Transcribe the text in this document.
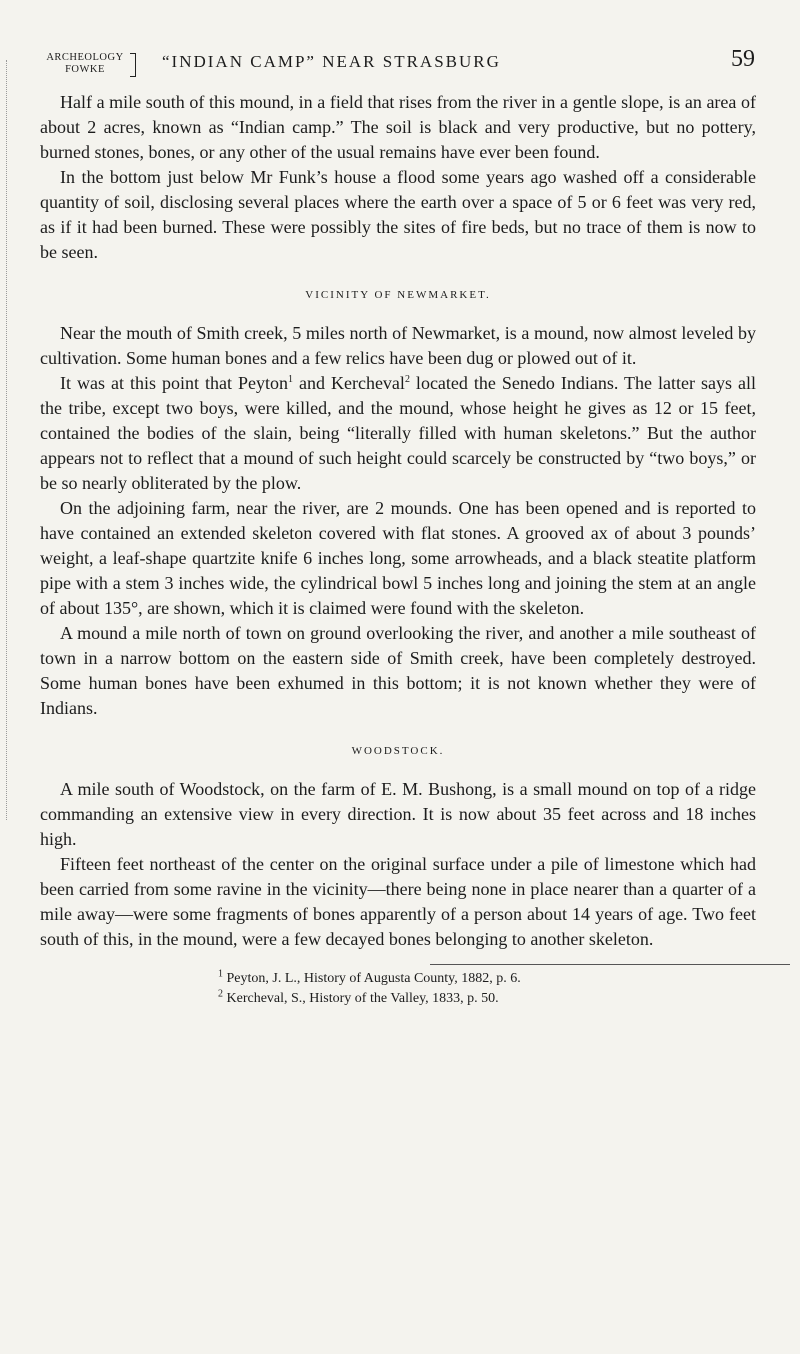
ARCHEOLOGY
FOWKE	“INDIAN CAMP” NEAR STRASBURG	59

Half a mile south of this mound, in a field that rises from the river in a gentle slope, is an area of about 2 acres, known as “Indian camp.” The soil is black and very productive, but no pottery, burned stones, bones, or any other of the usual remains have ever been found.

In the bottom just below Mr Funk’s house a flood some years ago washed off a considerable quantity of soil, disclosing several places where the earth over a space of 5 or 6 feet was very red, as if it had been burned. These were possibly the sites of fire beds, but no trace of them is now to be seen.

VICINITY OF NEWMARKET.

Near the mouth of Smith creek, 5 miles north of Newmarket, is a mound, now almost leveled by cultivation. Some human bones and a few relics have been dug or plowed out of it.

It was at this point that Peyton$^1$ and Kercheval$^2$ located the Senedo Indians. The latter says all the tribe, except two boys, were killed, and the mound, whose height he gives as 12 or 15 feet, contained the bodies of the slain, being “literally filled with human skeletons.” But the author appears not to reflect that a mound of such height could scarcely be constructed by “two boys,” or be so nearly obliterated by the plow.

On the adjoining farm, near the river, are 2 mounds. One has been opened and is reported to have contained an extended skeleton covered with flat stones. A grooved ax of about 3 pounds’ weight, a leaf-shape quartzite knife 6 inches long, some arrowheads, and a black steatite platform pipe with a stem 3 inches wide, the cylindrical bowl 5 inches long and joining the stem at an angle of about 135°, are shown, which it is claimed were found with the skeleton.

A mound a mile north of town on ground overlooking the river, and another a mile southeast of town in a narrow bottom on the eastern side of Smith creek, have been completely destroyed. Some human bones have been exhumed in this bottom; it is not known whether they were of Indians.

WOODSTOCK.

A mile south of Woodstock, on the farm of E. M. Bushong, is a small mound on top of a ridge commanding an extensive view in every direction. It is now about 35 feet across and 18 inches high.

Fifteen feet northeast of the center on the original surface under a pile of limestone which had been carried from some ravine in the vicinity—there being none in place nearer than a quarter of a mile away—were some fragments of bones apparently of a person about 14 years of age. Two feet south of this, in the mound, were a few decayed bones belonging to another skeleton.

$^1$ Peyton, J. L., History of Augusta County, 1882, p. 6.
$^2$ Kercheval, S., History of the Valley, 1833, p. 50.
